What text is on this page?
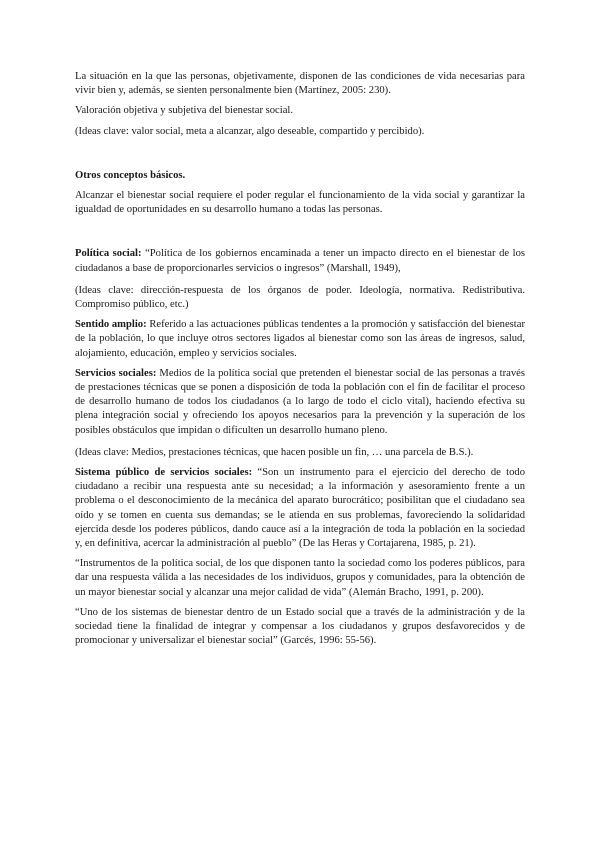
La situación en la que las personas, objetivamente, disponen de las condiciones de vida necesarias para vivir bien y, además, se sienten personalmente bien (Martínez, 2005: 230).

Valoración objetiva y subjetiva del bienestar social.

(Ideas clave: valor social, meta a alcanzar, algo deseable, compartido y percibido).

Otros conceptos básicos.

Alcanzar el bienestar social requiere el poder regular el funcionamiento de la vida social y garantizar la igualdad de oportunidades en su desarrollo humano a todas las personas.

Política social: “Política de los gobiernos encaminada a tener un impacto directo en el bienestar de los ciudadanos a base de proporcionarles servicios o ingresos” (Marshall, 1949),

(Ideas clave: dirección-respuesta de los órganos de poder. Ideología, normativa. Redistributiva. Compromiso público, etc.)

Sentido amplio: Referido a las actuaciones públicas tendentes a la promoción y satisfacción del bienestar de la población, lo que incluye otros sectores ligados al bienestar como son las áreas de ingresos, salud, alojamiento, educación, empleo y servicios sociales.

Servicios sociales: Medios de la política social que pretenden el bienestar social de las personas a través de prestaciones técnicas que se ponen a disposición de toda la población con el fin de facilitar el proceso de desarrollo humano de todos los ciudadanos (a lo largo de todo el ciclo vital), haciendo efectiva su plena integración social y ofreciendo los apoyos necesarios para la prevención y la superación de los posibles obstáculos que impidan o dificulten un desarrollo humano pleno.

(Ideas clave: Medios, prestaciones técnicas, que hacen posible un fin, … una parcela de B.S.).

Sistema público de servicios sociales: “Son un instrumento para el ejercicio del derecho de todo ciudadano a recibir una respuesta ante su necesidad; a la información y asesoramiento frente a un problema o el desconocimiento de la mecánica del aparato burocrático; posibilitan que el ciudadano sea oído y se tomen en cuenta sus demandas; se le atienda en sus problemas, favoreciendo la solidaridad ejercida desde los poderes públicos, dando cauce así a la integración de toda la población en la sociedad y, en definitiva, acercar la administración al pueblo” (De las Heras y Cortajarena, 1985, p. 21).

“Instrumentos de la política social, de los que disponen tanto la sociedad como los poderes públicos, para dar una respuesta válida a las necesidades de los individuos, grupos y comunidades, para la obtención de un mayor bienestar social y alcanzar una mejor calidad de vida” (Alemán Bracho, 1991, p. 200).

“Uno de los sistemas de bienestar dentro de un Estado social que a través de la administración y de la sociedad tiene la finalidad de integrar y compensar a los ciudadanos y grupos desfavorecidos y de promocionar y universalizar el bienestar social” (Garcés, 1996: 55-56).
